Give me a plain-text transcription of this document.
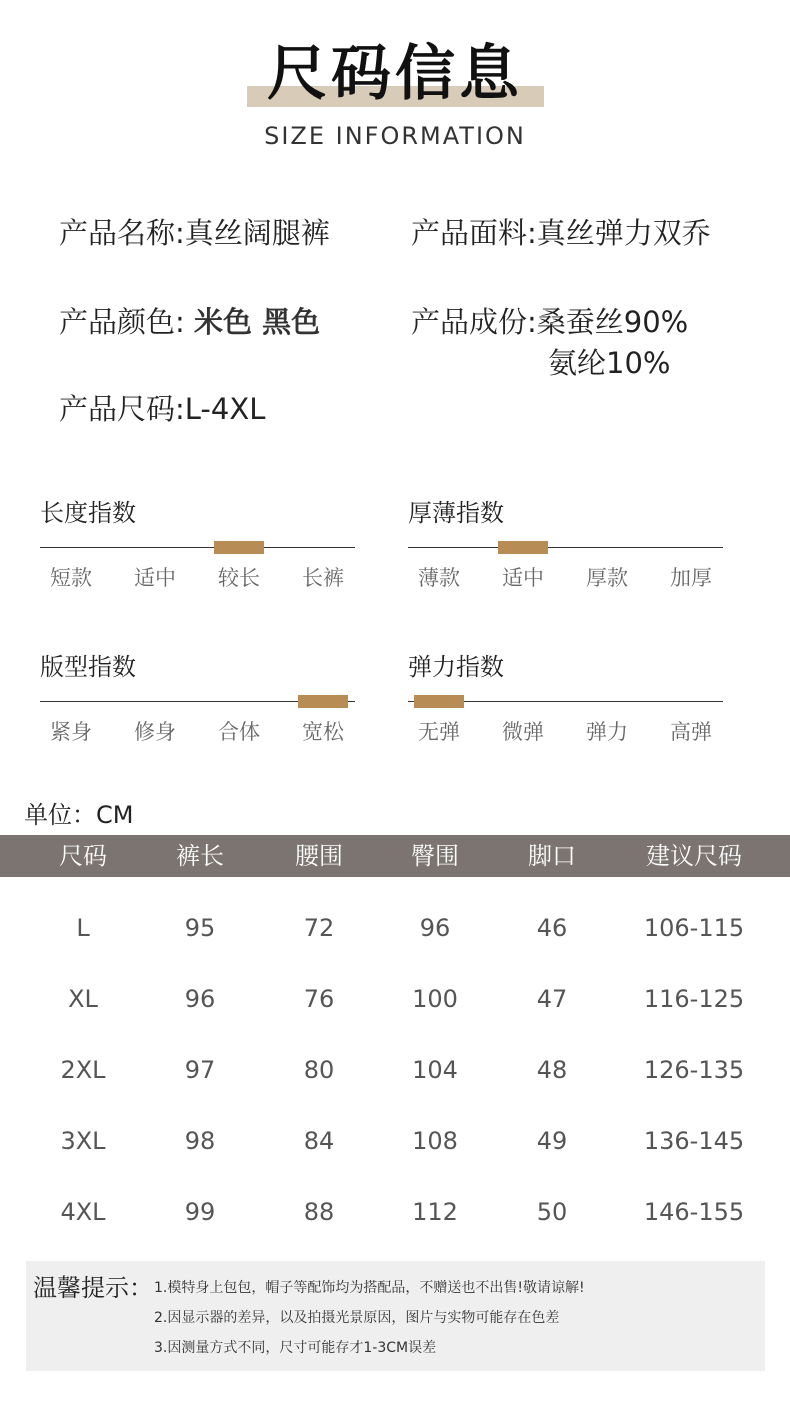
尺码信息
SIZE INFORMATION
产品名称:真丝阔腿裤	产品面料:真丝弹力双乔
产品颜色: 米色 黑色	产品成份:桑蚕丝90%
氨纶10%
产品尺码:L-4XL
长度指数
短款	适中	较长	长裤
厚薄指数
薄款	适中	厚款	加厚
版型指数
紧身	修身	合体	宽松
弹力指数
无弹	微弹	弹力	高弹
单位：CM
尺码	裤长	腰围	臀围	脚口	建议尺码
L	95	72	96	46	106-115
XL	96	76	100	47	116-125
2XL	97	80	104	48	126-135
3XL	98	84	108	49	136-145
4XL	99	88	112	50	146-155
温馨提示： 1.模特身上包包，帽子等配饰均为搭配品，不赠送也不出售!敬请谅解!
2.因显示器的差异，以及拍摄光景原因，图片与实物可能存在色差
3.因测量方式不同，尺寸可能存才1-3CM误差
